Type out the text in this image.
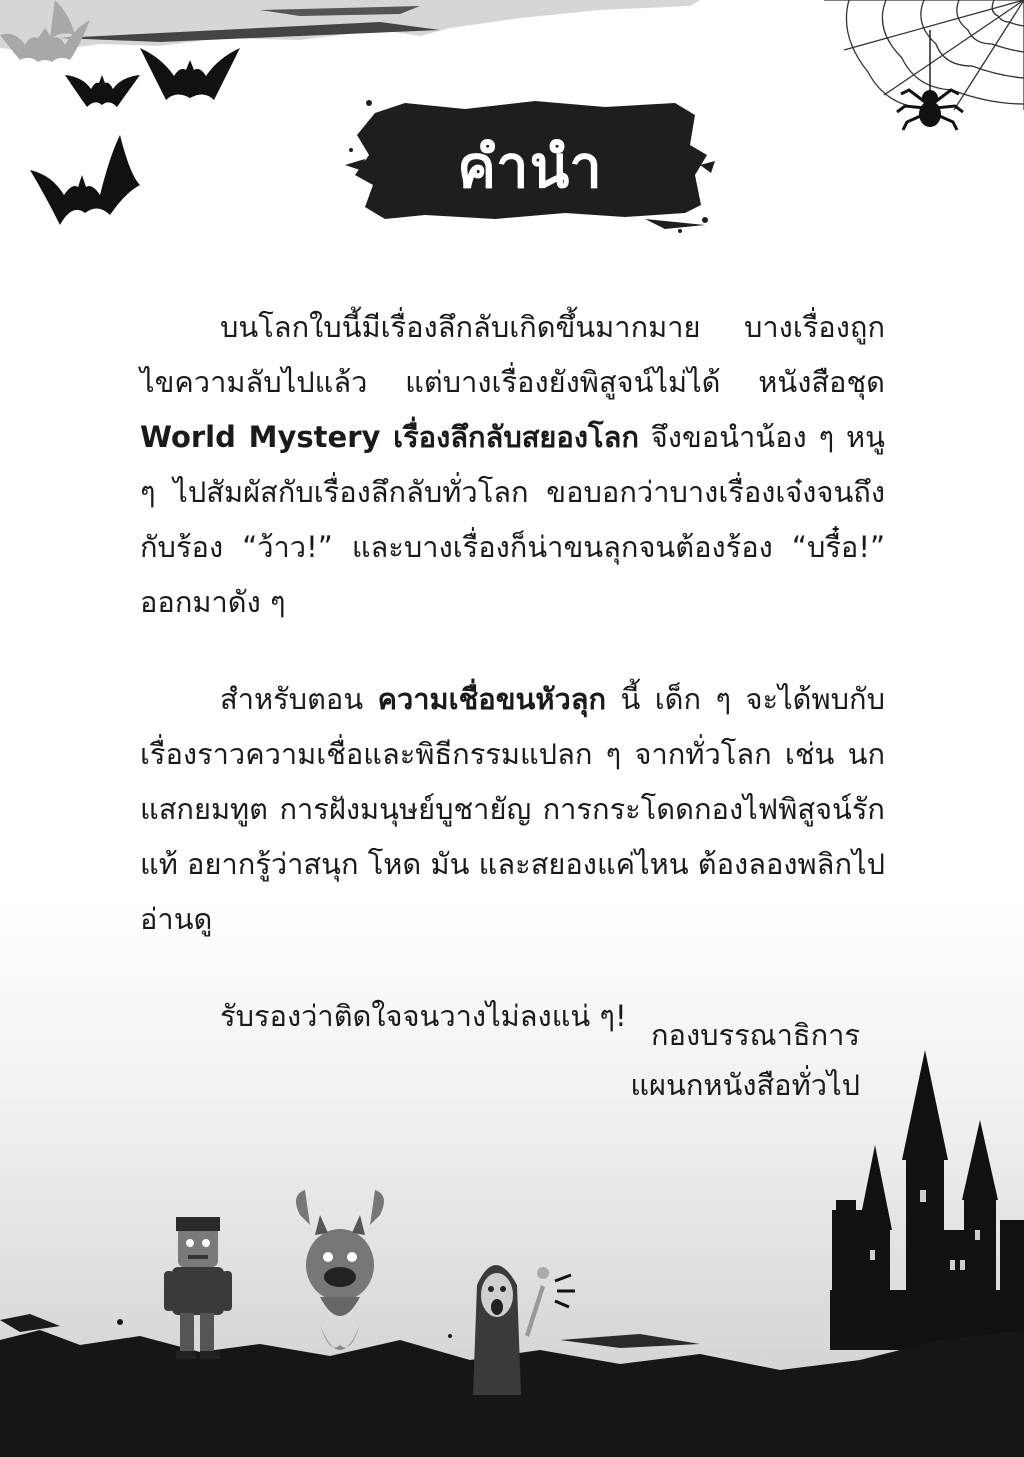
คำนำ

บนโลกใบนี้มีเรื่องลึกลับเกิดขึ้นมากมาย บางเรื่องถูกไขความลับไปแล้ว แต่บางเรื่องยังพิสูจน์ไม่ได้ หนังสือชุด World Mystery เรื่องลึกลับสยองโลก จึงขอนำน้อง ๆ หนู ๆ ไปสัมผัสกับเรื่องลึกลับทั่วโลก ขอบอกว่าบางเรื่องเจ๋งจนถึงกับร้อง “ว้าว!” และบางเรื่องก็น่าขนลุกจนต้องร้อง “บรื๋อ!” ออกมาดัง ๆ

สำหรับตอน ความเชื่อขนหัวลุก นี้ เด็ก ๆ จะได้พบกับเรื่องราวความเชื่อและพิธีกรรมแปลก ๆ จากทั่วโลก เช่น นกแสกยมทูต การฝังมนุษย์บูชายัญ การกระโดดกองไฟพิสูจน์รักแท้ อยากรู้ว่าสนุก โหด มัน และสยองแค่ไหน ต้องลองพลิกไปอ่านดู

รับรองว่าติดใจจนวางไม่ลงแน่ ๆ!

กองบรรณาธิการ
แผนกหนังสือทั่วไป
